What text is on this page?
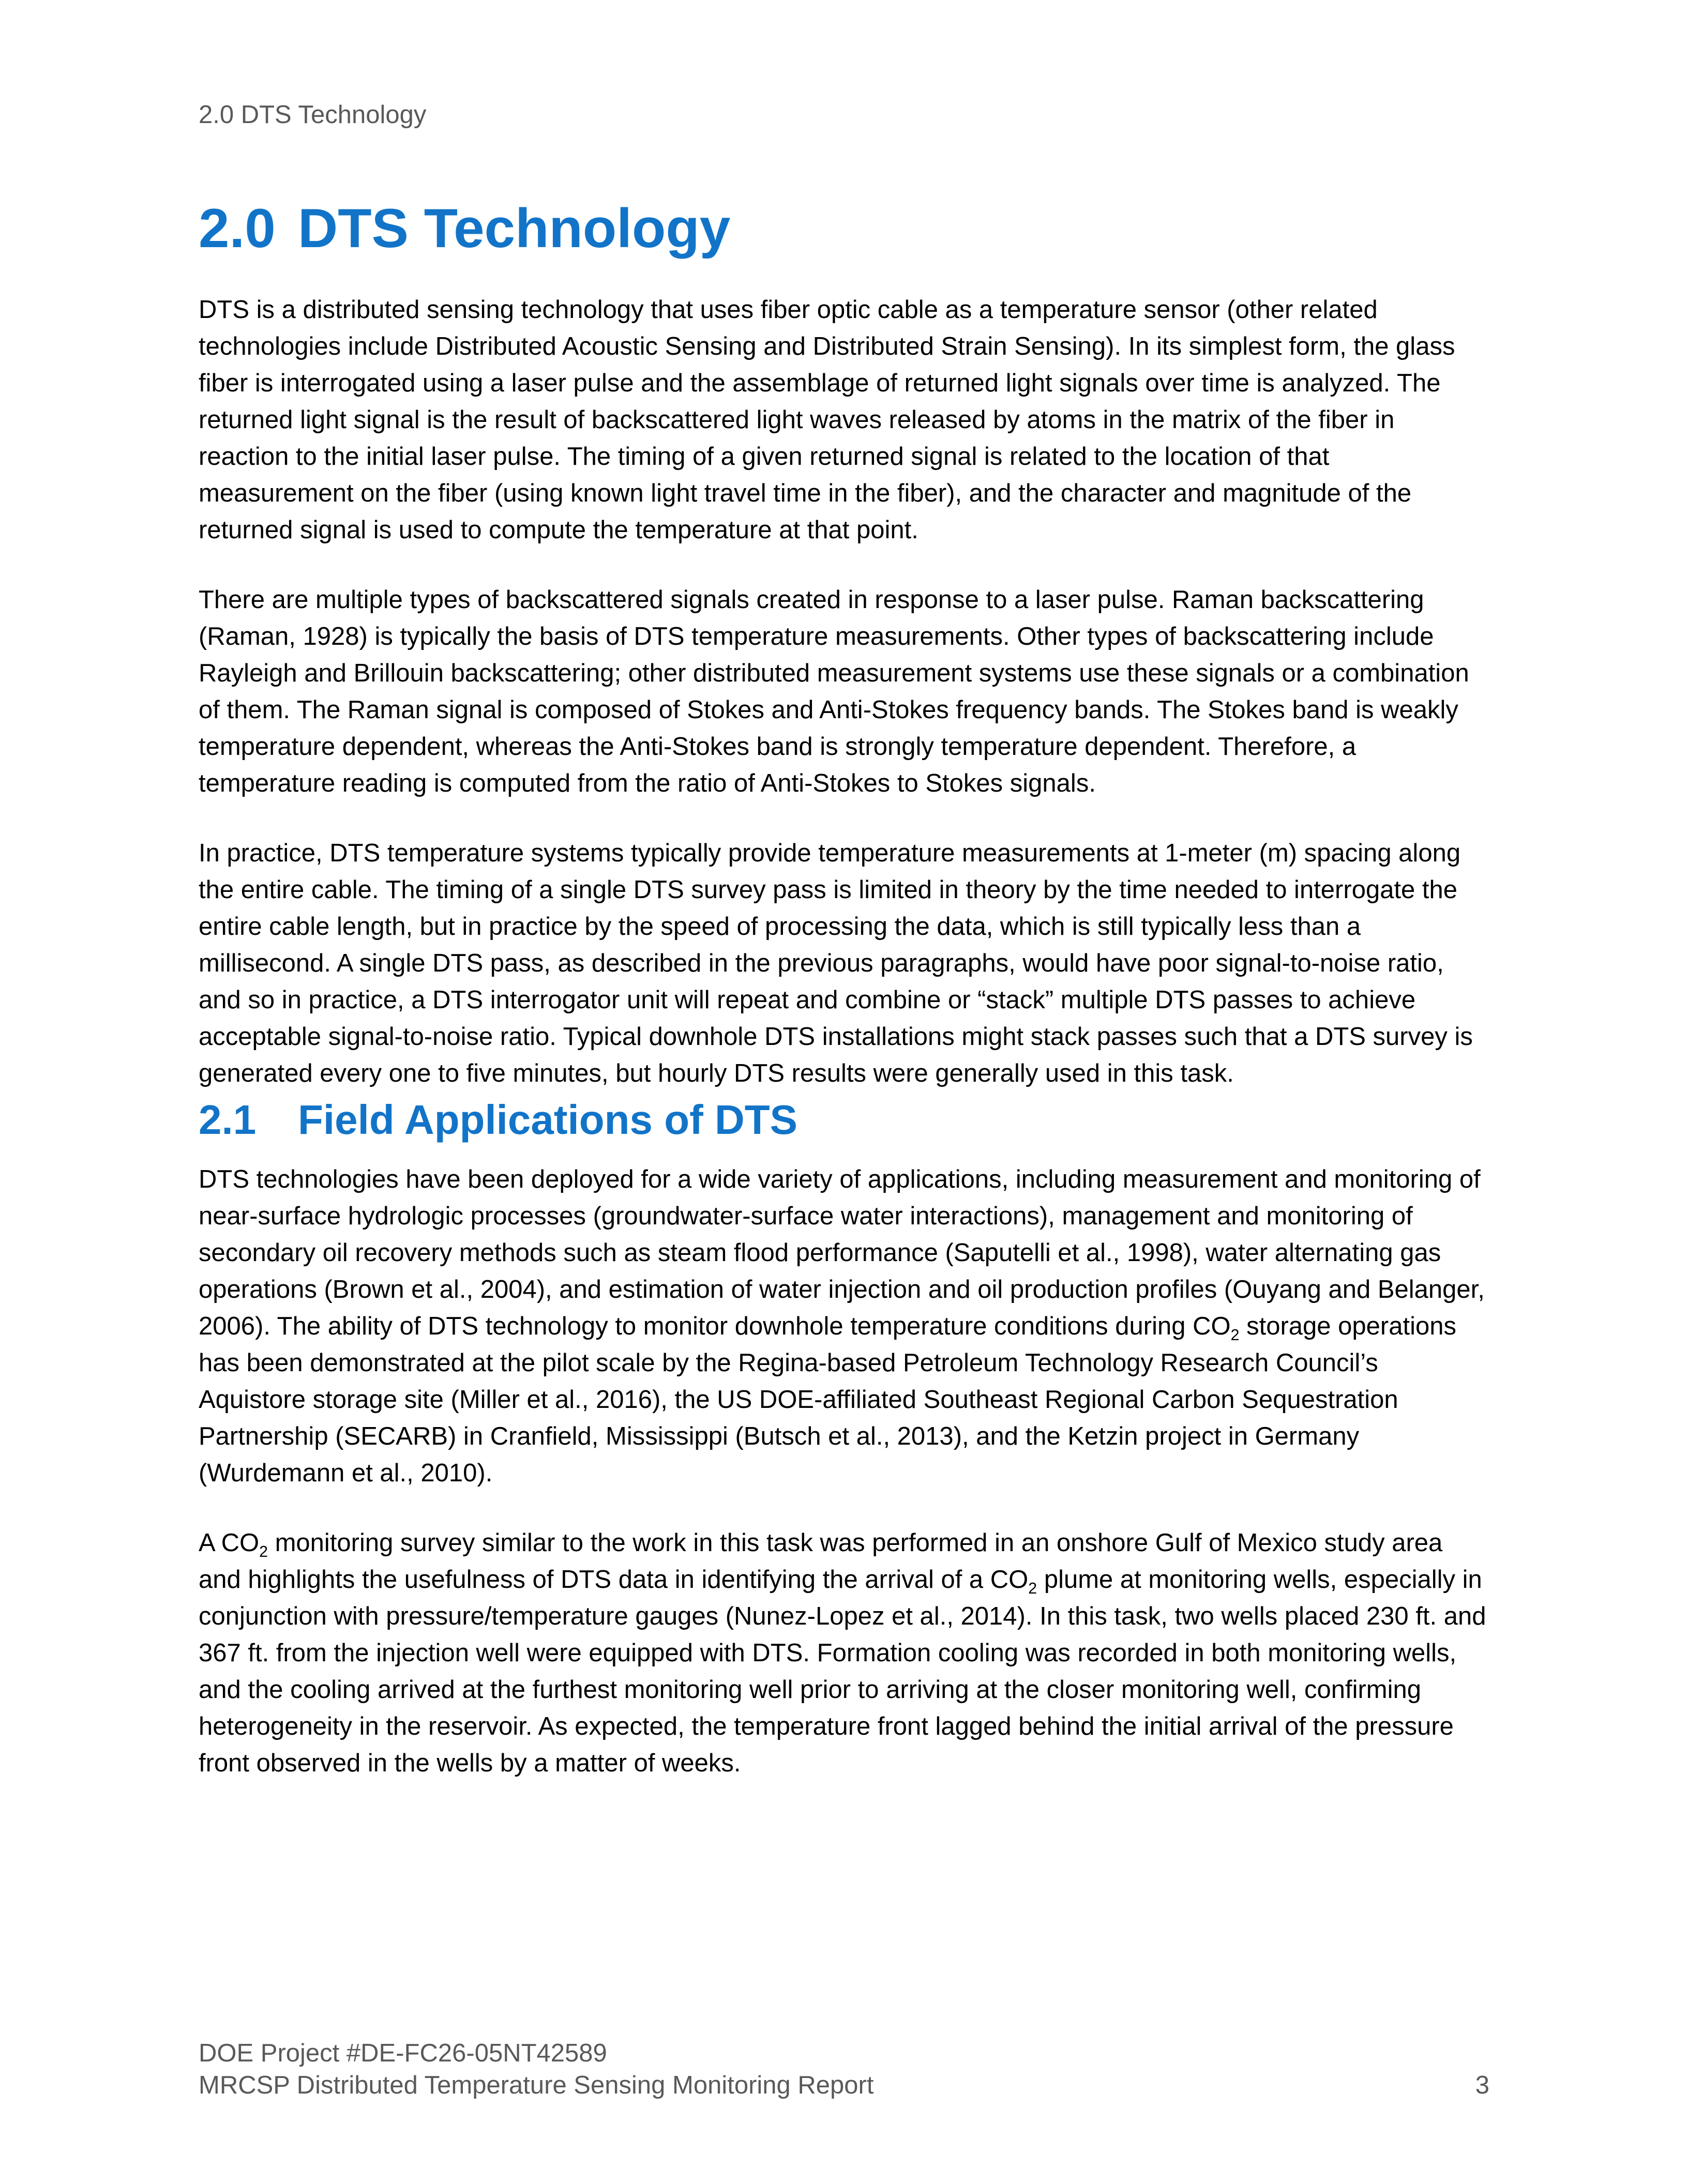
2.0 DTS Technology
2.0 DTS Technology

DTS is a distributed sensing technology that uses fiber optic cable as a temperature sensor (other related technologies include Distributed Acoustic Sensing and Distributed Strain Sensing). In its simplest form, the glass fiber is interrogated using a laser pulse and the assemblage of returned light signals over time is analyzed. The returned light signal is the result of backscattered light waves released by atoms in the matrix of the fiber in reaction to the initial laser pulse. The timing of a given returned signal is related to the location of that measurement on the fiber (using known light travel time in the fiber), and the character and magnitude of the returned signal is used to compute the temperature at that point.

There are multiple types of backscattered signals created in response to a laser pulse. Raman backscattering (Raman, 1928) is typically the basis of DTS temperature measurements. Other types of backscattering include Rayleigh and Brillouin backscattering; other distributed measurement systems use these signals or a combination of them. The Raman signal is composed of Stokes and Anti-Stokes frequency bands. The Stokes band is weakly temperature dependent, whereas the Anti-Stokes band is strongly temperature dependent. Therefore, a temperature reading is computed from the ratio of Anti-Stokes to Stokes signals.

In practice, DTS temperature systems typically provide temperature measurements at 1-meter (m) spacing along the entire cable. The timing of a single DTS survey pass is limited in theory by the time needed to interrogate the entire cable length, but in practice by the speed of processing the data, which is still typically less than a millisecond. A single DTS pass, as described in the previous paragraphs, would have poor signal-to-noise ratio, and so in practice, a DTS interrogator unit will repeat and combine or “stack” multiple DTS passes to achieve acceptable signal-to-noise ratio. Typical downhole DTS installations might stack passes such that a DTS survey is generated every one to five minutes, but hourly DTS results were generally used in this task.

2.1	Field Applications of DTS

DTS technologies have been deployed for a wide variety of applications, including measurement and monitoring of near-surface hydrologic processes (groundwater-surface water interactions), management and monitoring of secondary oil recovery methods such as steam flood performance (Saputelli et al., 1998), water alternating gas operations (Brown et al., 2004), and estimation of water injection and oil production profiles (Ouyang and Belanger, 2006). The ability of DTS technology to monitor downhole temperature conditions during $CO_2$ storage operations has been demonstrated at the pilot scale by the Regina-based Petroleum Technology Research Council’s Aquistore storage site (Miller et al., 2016), the US DOE-affiliated Southeast Regional Carbon Sequestration Partnership (SECARB) in Cranfield, Mississippi (Butsch et al., 2013), and the Ketzin project in Germany (Wurdemann et al., 2010).

A $CO_2$ monitoring survey similar to the work in this task was performed in an onshore Gulf of Mexico study area and highlights the usefulness of DTS data in identifying the arrival of a $CO_2$ plume at monitoring wells, especially in conjunction with pressure/temperature gauges (Nunez-Lopez et al., 2014). In this task, two wells placed 230 ft. and 367 ft. from the injection well were equipped with DTS. Formation cooling was recorded in both monitoring wells, and the cooling arrived at the furthest monitoring well prior to arriving at the closer monitoring well, confirming heterogeneity in the reservoir. As expected, the temperature front lagged behind the initial arrival of the pressure front observed in the wells by a matter of weeks.

DOE Project #DE-FC26-05NT42589
MRCSP Distributed Temperature Sensing Monitoring Report	3
